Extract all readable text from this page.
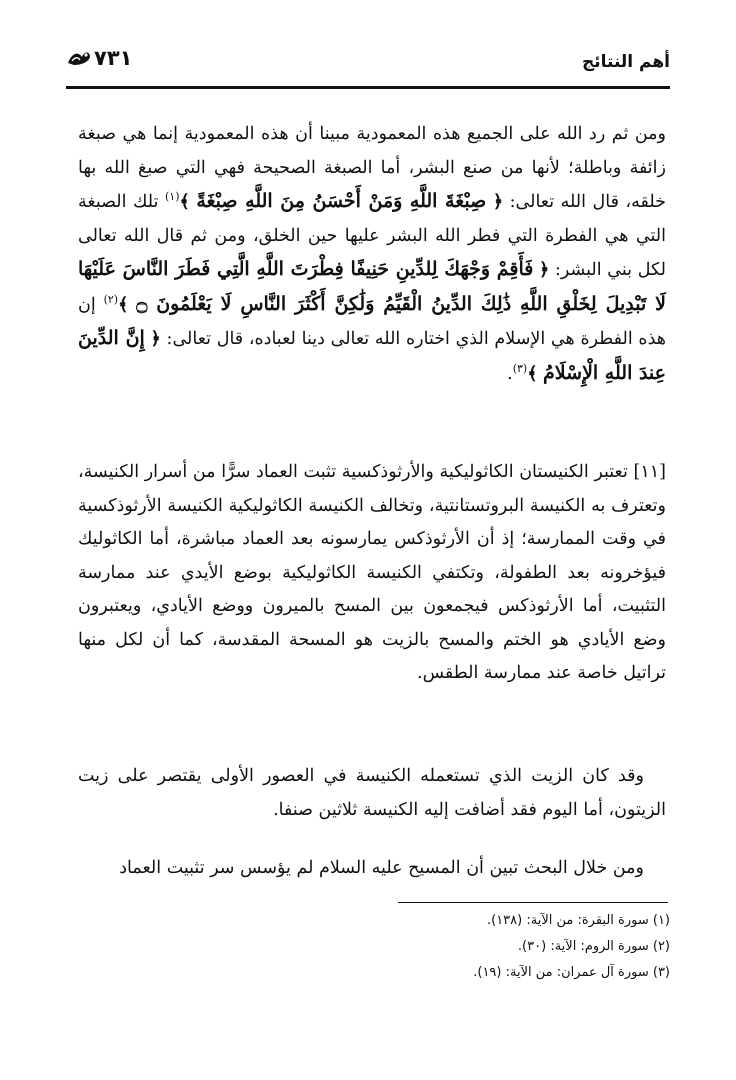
أهم النتائج
٧٣١
ومن ثم رد الله على الجميع هذه المعمودية مبينا أن هذه المعمودية إنما هي صبغة زائفة وباطلة؛ لأنها من صنع البشر، أما الصبغة الصحيحة فهي التي صبغ الله بها خلقه، قال الله تعالى: ﴿ صِبْغَةَ اللَّهِ وَمَنْ أَحْسَنُ مِنَ اللَّهِ صِبْغَةً ﴾$^{(١)}$ تلك الصبغة التي هي الفطرة التي فطر الله البشر عليها حين الخلق، ومن ثم قال الله تعالى لكل بني البشر: ﴿ فَأَقِمْ وَجْهَكَ لِلدِّينِ حَنِيفًا فِطْرَتَ اللَّهِ الَّتِي فَطَرَ النَّاسَ عَلَيْهَا لَا تَبْدِيلَ لِخَلْقِ اللَّهِ ذَٰلِكَ الدِّينُ الْقَيِّمُ وَلَٰكِنَّ أَكْثَرَ النَّاسِ لَا يَعْلَمُونَ ۝ ﴾$^{(٢)}$ إن هذه الفطرة هي الإسلام الذي اختاره الله تعالى دينا لعباده، قال تعالى: ﴿ إِنَّ الدِّينَ عِندَ اللَّهِ الْإِسْلَامُ ﴾$^{(٣)}$.
[١١] تعتبر الكنيستان الكاثوليكية والأرثوذكسية تثبت العماد سرًّا من أسرار الكنيسة، وتعترف به الكنيسة البروتستانتية، وتخالف الكنيسة الكاثوليكية الكنيسة الأرثوذكسية في وقت الممارسة؛ إذ أن الأرثوذكس يمارسونه بعد العماد مباشرة، أما الكاثوليك فيؤخرونه بعد الطفولة، وتكتفي الكنيسة الكاثوليكية بوضع الأيدي عند ممارسة التثبيت، أما الأرثوذكس فيجمعون بين المسح بالميرون ووضع الأيادي، ويعتبرون وضع الأيادي هو الختم والمسح بالزيت هو المسحة المقدسة، كما أن لكل منها تراتيل خاصة عند ممارسة الطقس.
وقد كان الزيت الذي تستعمله الكنيسة في العصور الأولى يقتصر على زيت الزيتون، أما اليوم فقد أضافت إليه الكنيسة ثلاثين صنفا.
ومن خلال البحث تبين أن المسيح عليه السلام لم يؤسس سر تثبيت العماد
(١) سورة البقرة: من الآية: (١٣٨).
(٢) سورة الروم: الآية: (٣٠).
(٣) سورة آل عمران: من الآية: (١٩).
